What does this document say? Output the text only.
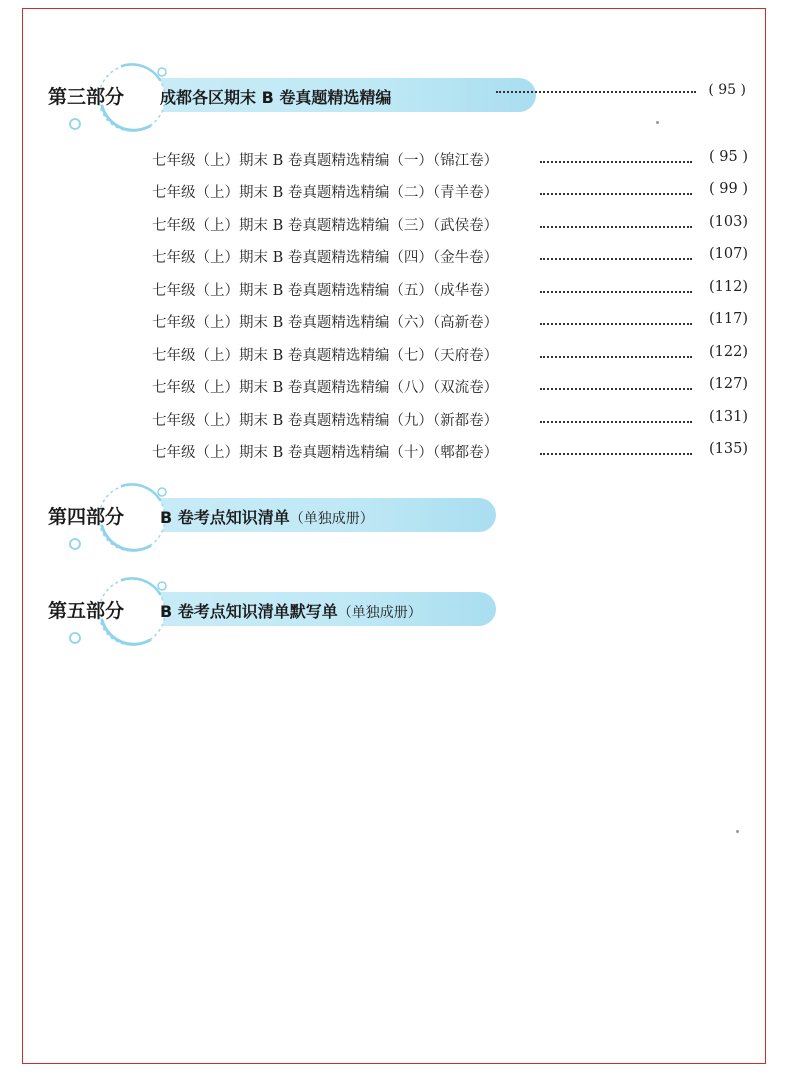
第三部分 成都各区期末 B 卷真题精选精编	( 95 )
七年级（上）期末 B 卷真题精选精编（一）（锦江卷）	( 95 )
七年级（上）期末 B 卷真题精选精编（二）（青羊卷）	( 99 )
七年级（上）期末 B 卷真题精选精编（三）（武侯卷）	(103)
七年级（上）期末 B 卷真题精选精编（四）（金牛卷）	(107)
七年级（上）期末 B 卷真题精选精编（五）（成华卷）	(112)
七年级（上）期末 B 卷真题精选精编（六）（高新卷）	(117)
七年级（上）期末 B 卷真题精选精编（七）（天府卷）	(122)
七年级（上）期末 B 卷真题精选精编（八）（双流卷）	(127)
七年级（上）期末 B 卷真题精选精编（九）（新都卷）	(131)
七年级（上）期末 B 卷真题精选精编（十）（郫都卷）	(135)
第四部分 B 卷考点知识清单（单独成册）
第五部分 B 卷考点知识清单默写单（单独成册）
